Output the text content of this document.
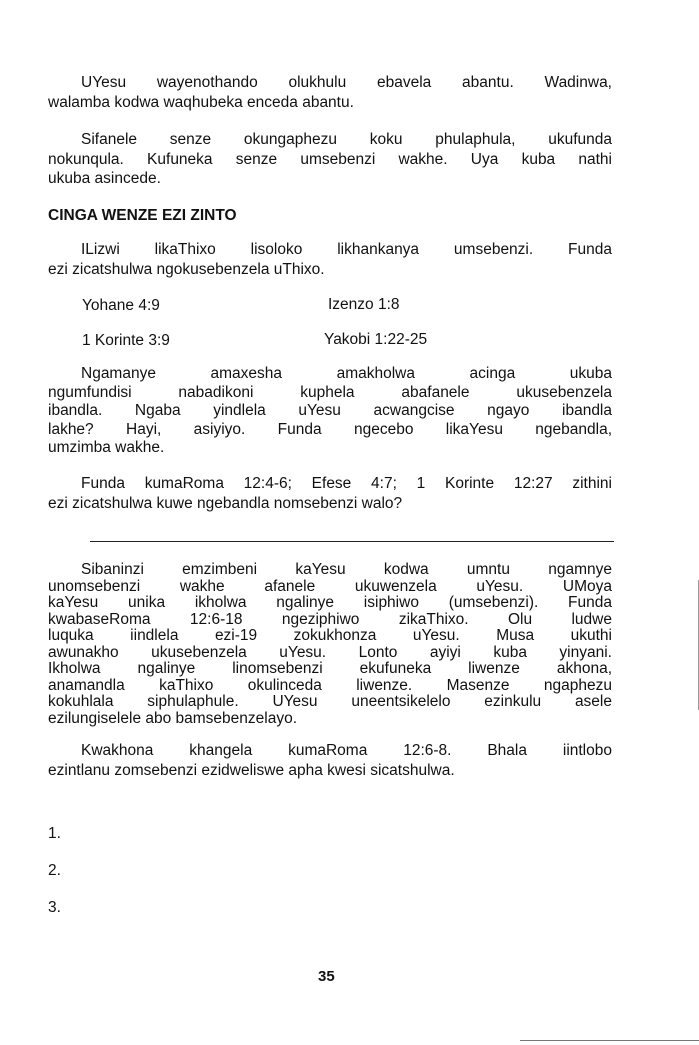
UYesu wayenothando olukhulu ebavela abantu. Wadinwa,
walamba kodwa waqhubeka enceda abantu.
Sifanele senze okungaphezu koku phulaphula, ukufunda
nokunqula. Kufuneka senze umsebenzi wakhe. Uya kuba nathi
ukuba asincede.
CINGA WENZE EZI ZINTO
ILizwi likaThixo lisoloko likhankanya umsebenzi. Funda
ezi zicatshulwa ngokusebenzela uThixo.
Yohane 4:9	Izenzo 1:8
1 Korinte 3:9	Yakobi 1:22-25
Ngamanye amaxesha amakholwa acinga ukuba
ngumfundisi nabadikoni kuphela abafanele ukusebenzela
ibandla. Ngaba yindlela uYesu acwangcise ngayo ibandla
lakhe? Hayi, asiyiyo. Funda ngecebo likaYesu ngebandla,
umzimba wakhe.
Funda kumaRoma 12:4-6; Efese 4:7; 1 Korinte 12:27 zithini
ezi zicatshulwa kuwe ngebandla nomsebenzi walo?
Sibaninzi emzimbeni kaYesu kodwa umntu ngamnye
unomsebenzi wakhe afanele ukuwenzela uYesu. UMoya
kaYesu unika ikholwa ngalinye isiphiwo (umsebenzi). Funda
kwabaseRoma 12:6-18 ngeziphiwo zikaThixo. Olu ludwe
luquka iindlela ezi-19 zokukhonza uYesu. Musa ukuthi
awunakho ukusebenzela uYesu. Lonto ayiyi kuba yinyani.
Ikholwa ngalinye linomsebenzi ekufuneka liwenze akhona,
anamandla kaThixo okulinceda liwenze. Masenze ngaphezu
kokuhlala siphulaphule. UYesu uneentsikelelo ezinkulu asele
ezilungiselele abo bamsebenzelayo.
Kwakhona khangela kumaRoma 12:6-8. Bhala iintlobo
ezintlanu zomsebenzi ezidweliswe apha kwesi sicatshulwa.
1.
2.
3.
35
